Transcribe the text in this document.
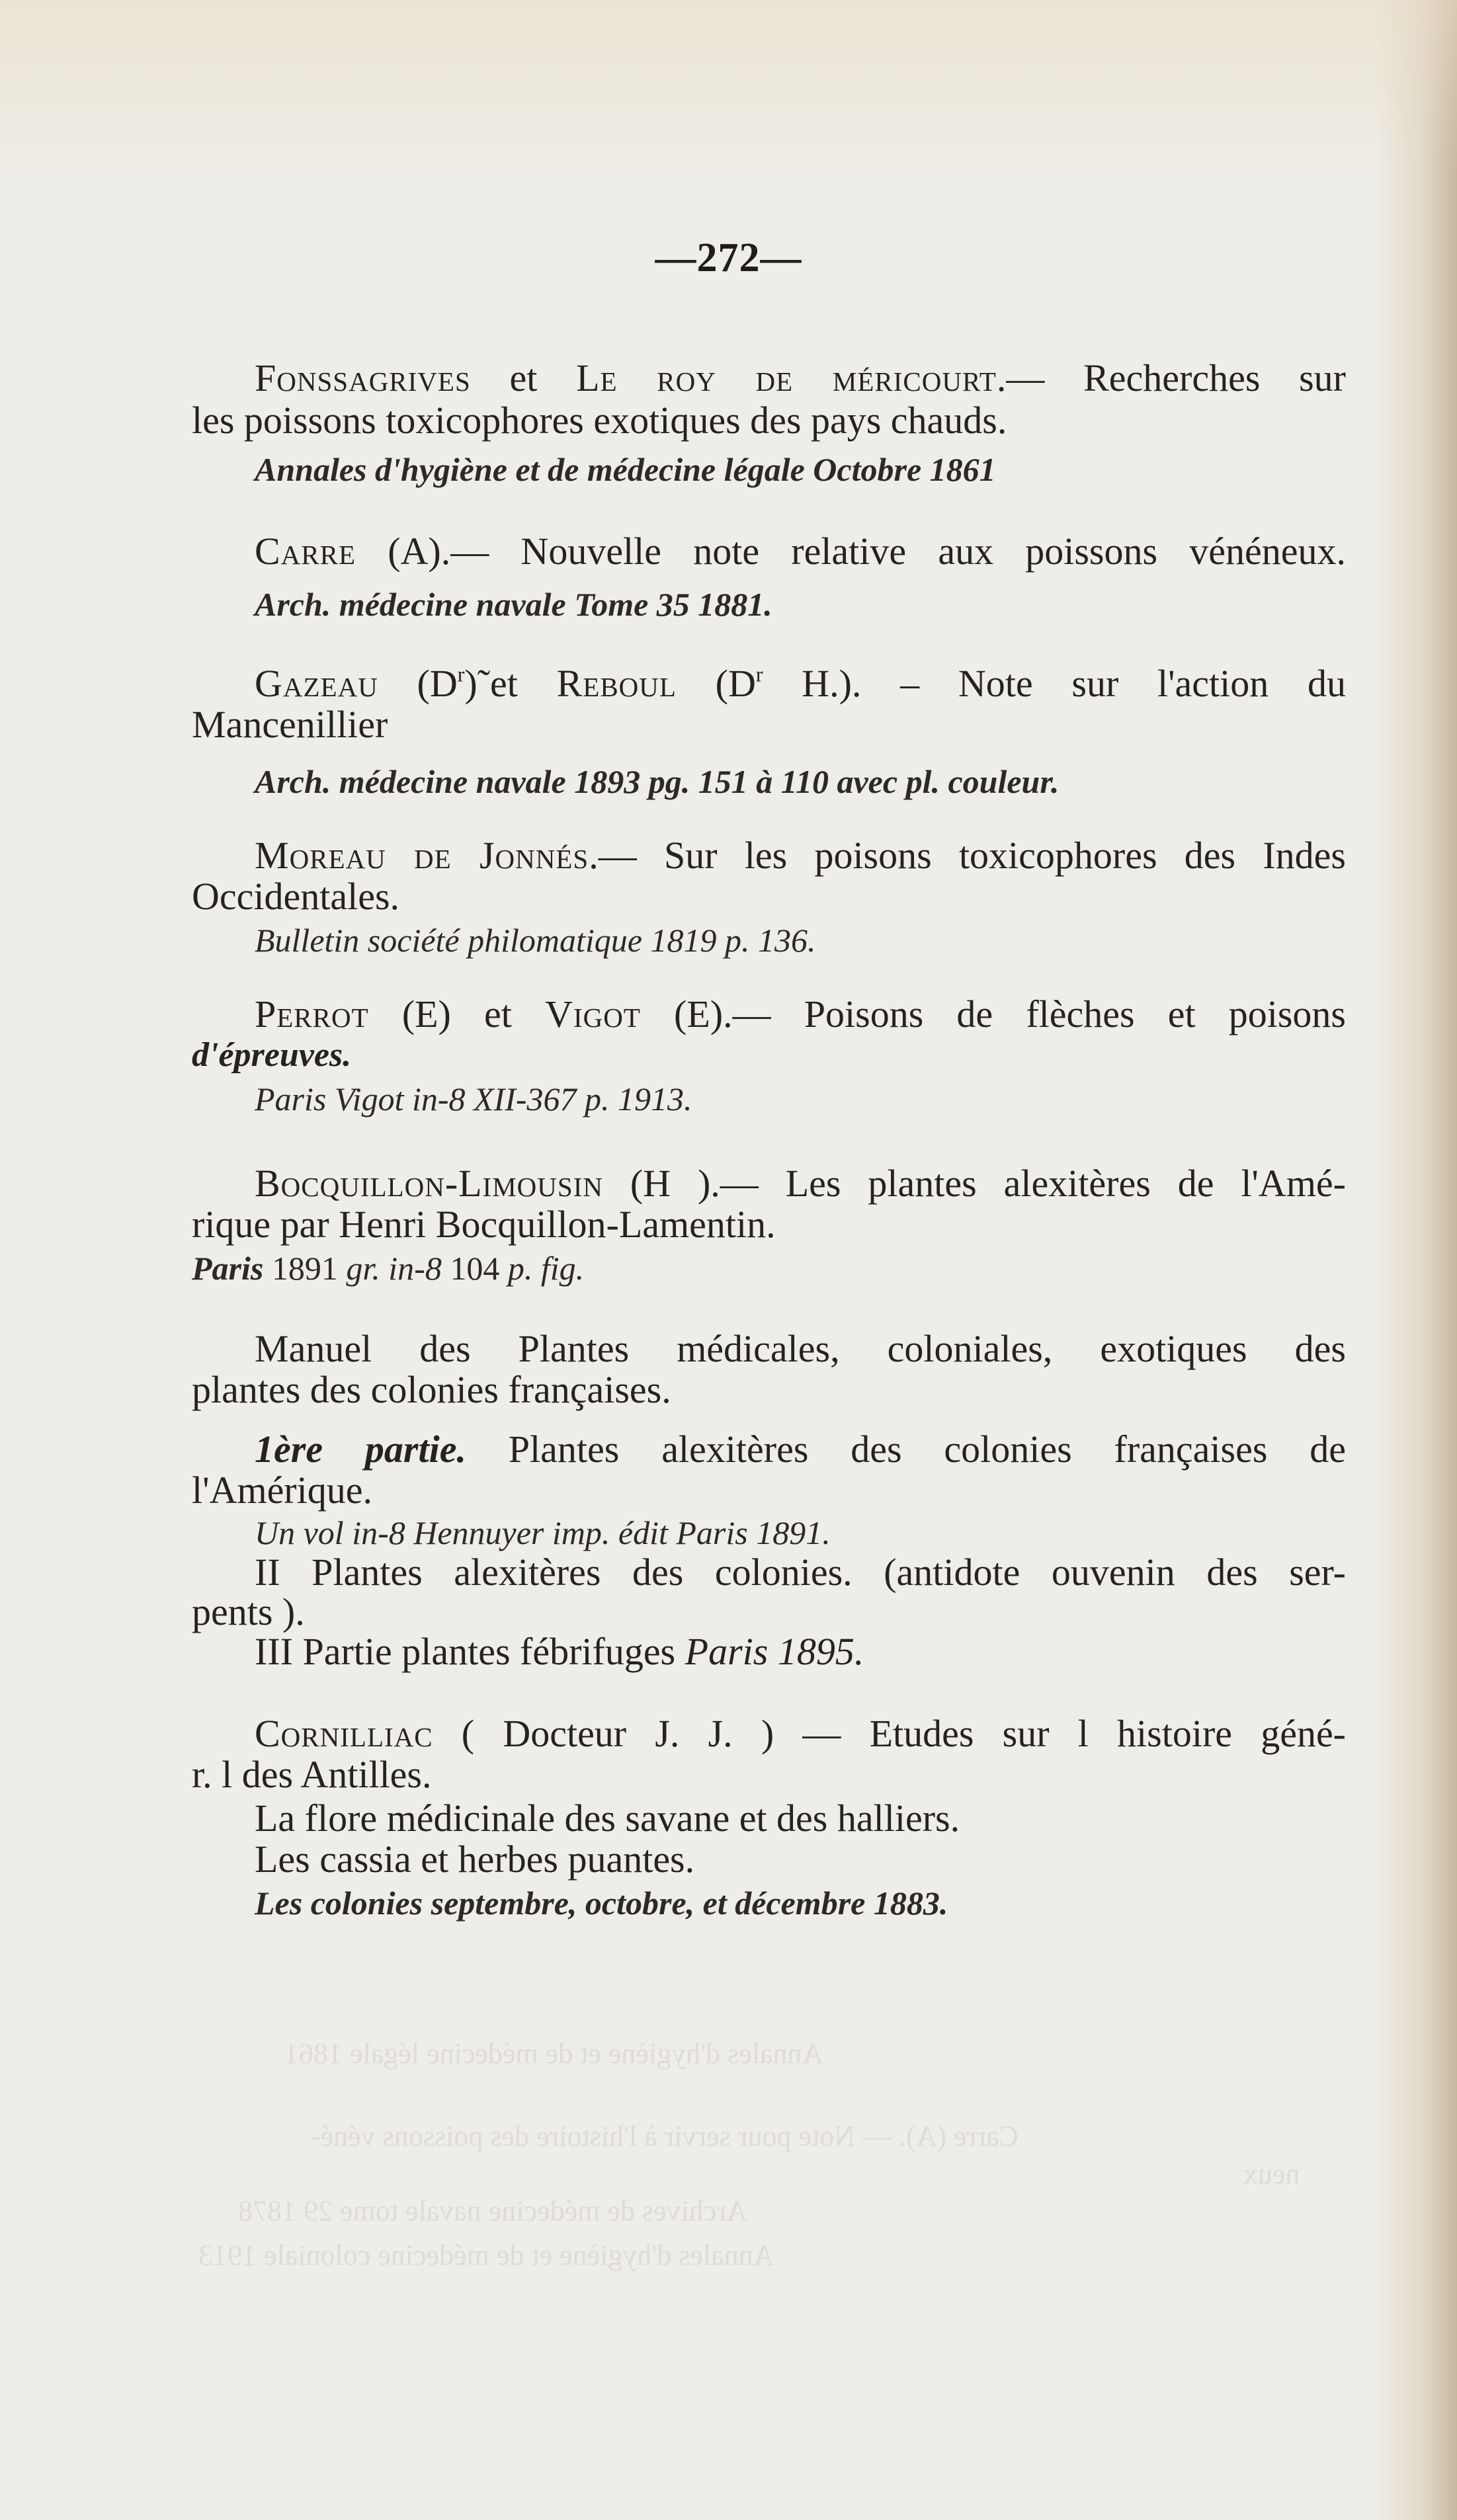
Annales d'hygiène et de médecine légale 1861
Carre (A). — Note pour servir à l'histoire des poissons véné-
neux
Archives de médecine navale tome 29 1878
Annales d'hygiène et de médecine coloniale 1913
—272—
Fonssagrives et Le roy de méricourt.— Recherches sur
les poissons toxicophores exotiques des pays chauds.
Annales d'hygiène et de médecine légale Octobre 1861
Carre (A).— Nouvelle note relative aux poissons vénéneux.
Arch. médecine navale Tome 35 1881.
Gazeau $(D^r)˜et$ Reboul ($D^r$ H.). – Note sur l'action du
Mancenillier
Arch. médecine navale 1893 pg. 151 à 110 avec pl. couleur.
Moreau de Jonnés.— Sur les poisons toxicophores des Indes
Occidentales.
Bulletin société philomatique 1819 p. 136.
Perrot (E) et Vigot (E).— Poisons de flèches et poisons
d'épreuves.
Paris Vigot in-8 XII-367 p. 1913.
Bocquillon-Limousin (H ).— Les plantes alexitères de l'Amé-
rique par Henri Bocquillon-Lamentin.
Paris 1891 gr. in-8 104 p. fig.
Manuel des Plantes médicales, coloniales, exotiques des
plantes des colonies françaises.
1ère partie. Plantes alexitères des colonies françaises de
l'Amérique.
Un vol in-8 Hennuyer imp. édit Paris 1891.
II Plantes alexitères des colonies. (antidote ouvenin des ser-
pents ).
III Partie plantes fébrifuges Paris 1895.
Cornilliac ( Docteur J. J. ) — Etudes sur l histoire géné-
r. l des Antilles.
La flore médicinale des savane et des halliers.
Les cassia et herbes puantes.
Les colonies septembre, octobre, et décembre 1883.
